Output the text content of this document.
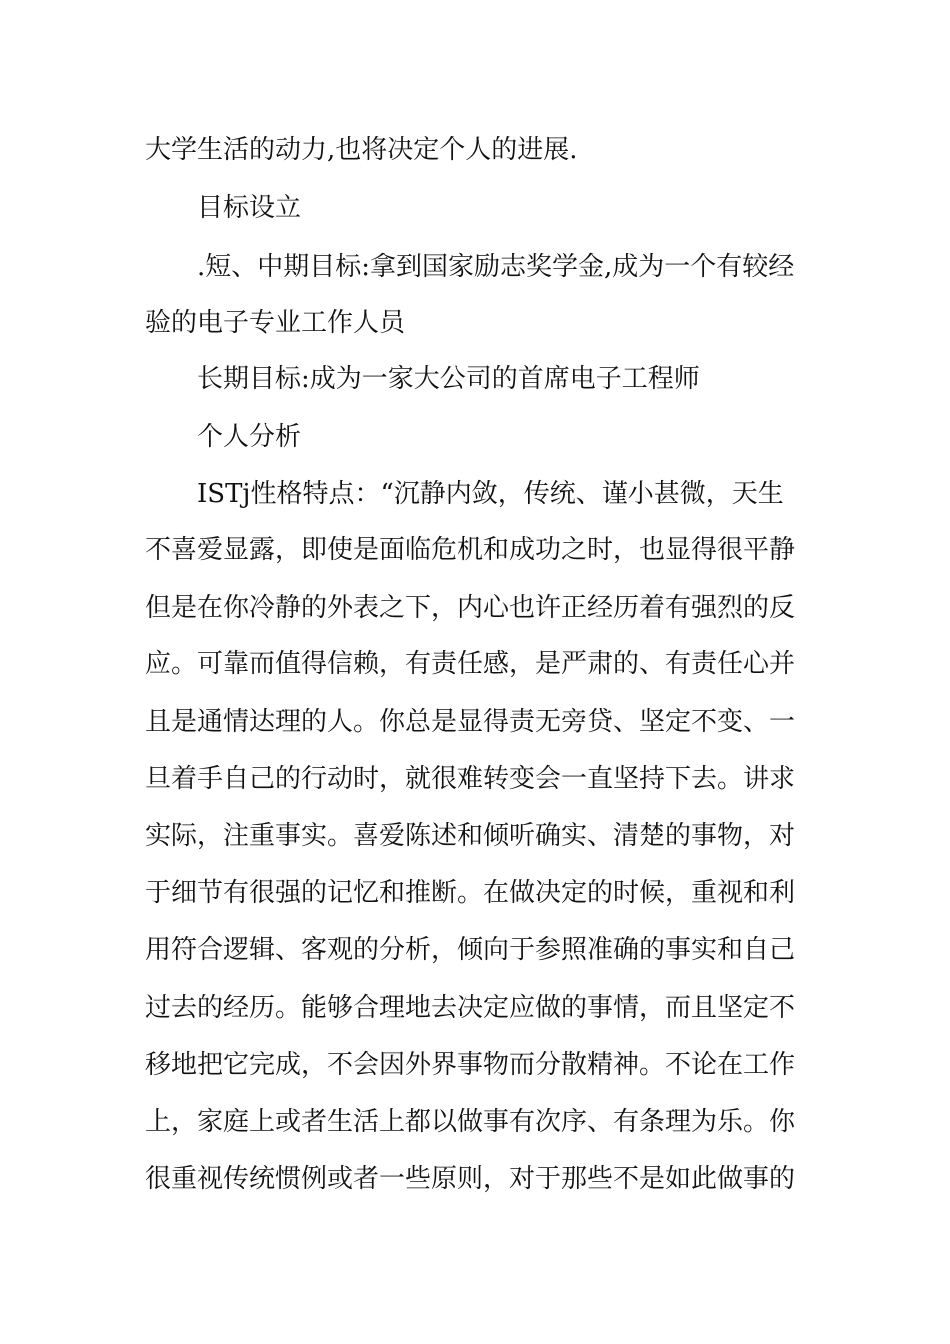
大学生活的动力,也将决定个人的进展.
目标设立
.短、中期目标:拿到国家励志奖学金,成为一个有较经
验的电子专业工作人员
长期目标:成为一家大公司的首席电子工程师
个人分析
ISTj性格特点：“沉静内敛，传统、谨小甚微，天生
不喜爱显露，即使是面临危机和成功之时，也显得很平静
但是在你冷静的外表之下，内心也许正经历着有强烈的反
应。可靠而值得信赖，有责任感，是严肃的、有责任心并
且是通情达理的人。你总是显得责无旁贷、坚定不变、一
旦着手自己的行动时，就很难转变会一直坚持下去。讲求
实际，注重事实。喜爱陈述和倾听确实、清楚的事物，对
于细节有很强的记忆和推断。在做决定的时候，重视和利
用符合逻辑、客观的分析，倾向于参照准确的事实和自己
过去的经历。能够合理地去决定应做的事情，而且坚定不
移地把它完成，不会因外界事物而分散精神。不论在工作
上，家庭上或者生活上都以做事有次序、有条理为乐。你
很重视传统惯例或者一些原则，对于那些不是如此做事的
